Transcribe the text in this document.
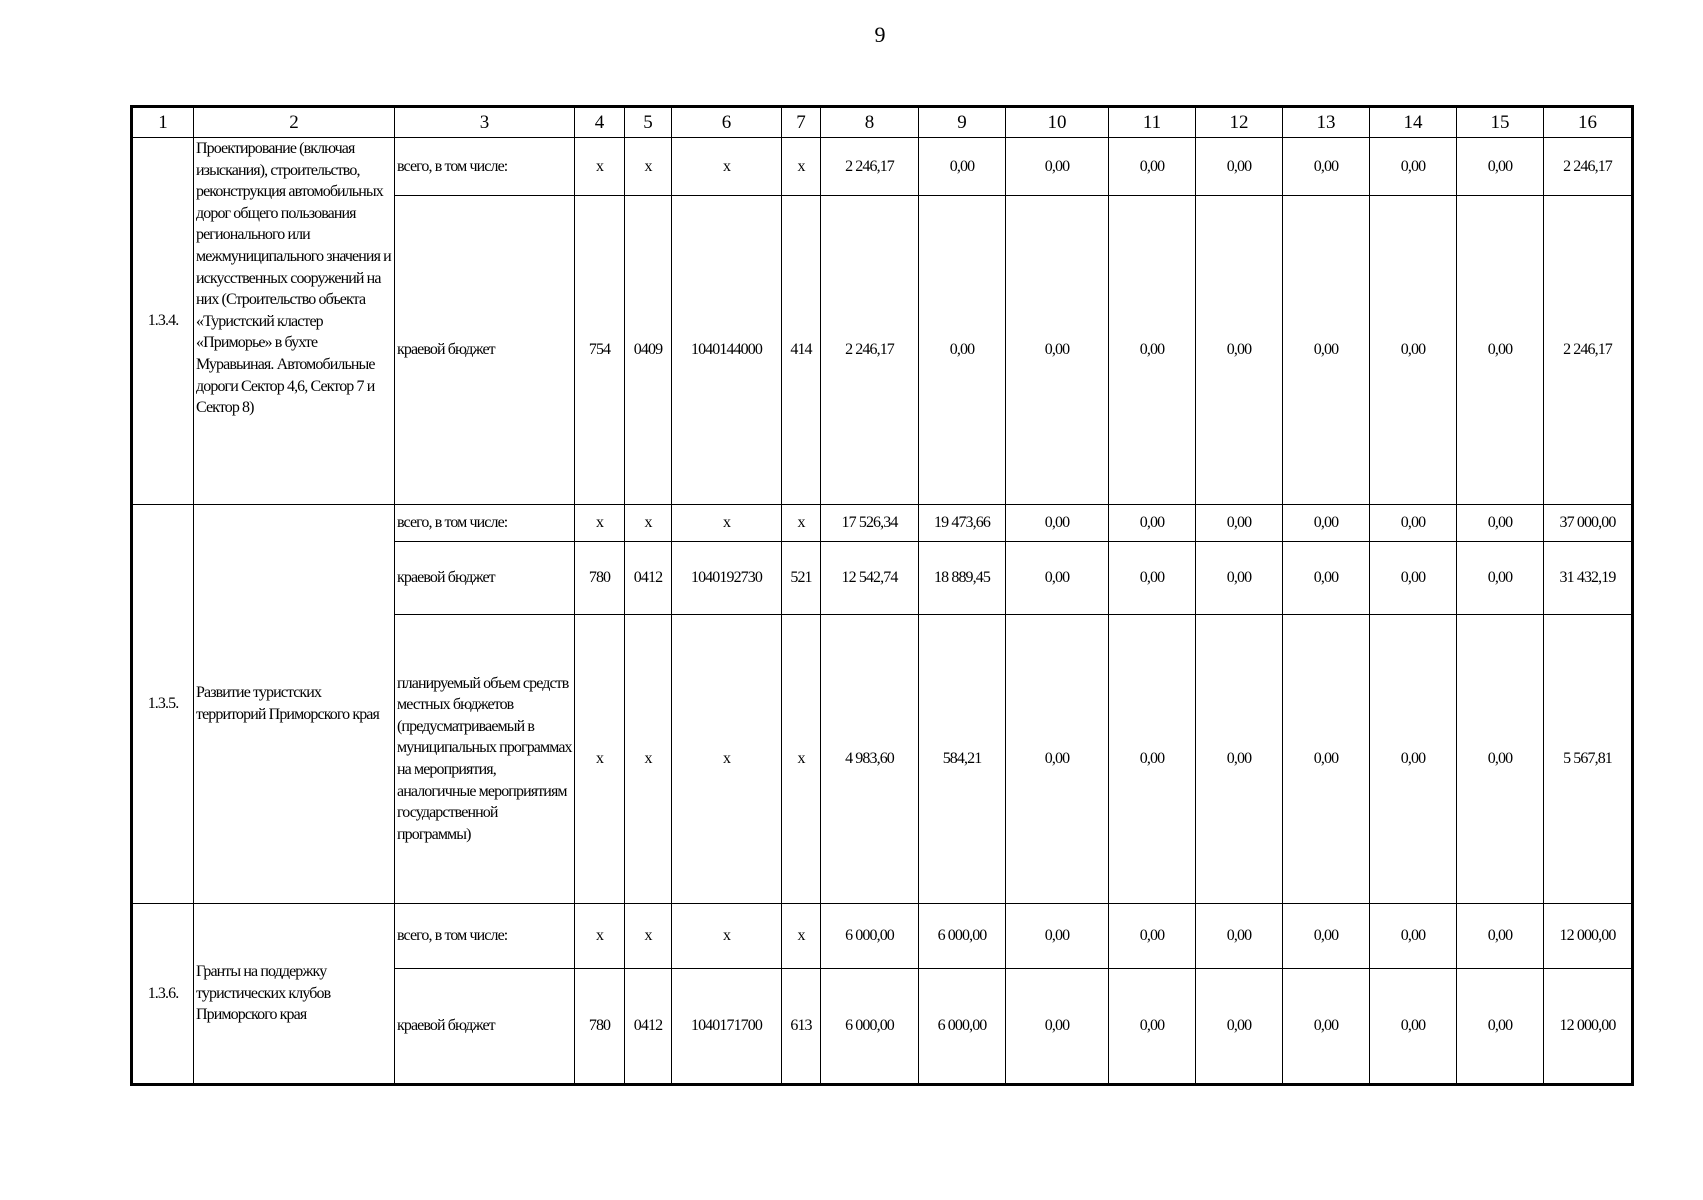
9
1	2	3	4	5	6	7	8	9	10	11	12	13	14	15	16
1.3.4.	Проектирование (включая изыскания), строительство, реконструкция автомобильных дорог общего пользования регионального или межмуниципального значения и искусственных сооружений на них (Строительство объекта «Туристский кластер «Приморье» в бухте Муравьиная. Автомобильные дороги Сектор 4,6, Сектор 7 и Сектор 8)	всего, в том числе:	х	х	х	х	2 246,17	0,00	0,00	0,00	0,00	0,00	0,00	0,00	2 246,17
		краевой бюджет	754	0409	1040144000	414	2 246,17	0,00	0,00	0,00	0,00	0,00	0,00	0,00	2 246,17
1.3.5.	Развитие туристских территорий Приморского края	всего, в том числе:	х	х	х	х	17 526,34	19 473,66	0,00	0,00	0,00	0,00	0,00	0,00	37 000,00
		краевой бюджет	780	0412	1040192730	521	12 542,74	18 889,45	0,00	0,00	0,00	0,00	0,00	0,00	31 432,19
		планируемый объем средств местных бюджетов (предусматриваемый в муниципальных программах на мероприятия, аналогичные мероприятиям государственной программы)	х	х	х	х	4 983,60	584,21	0,00	0,00	0,00	0,00	0,00	0,00	5 567,81
1.3.6.	Гранты на поддержку туристических клубов Приморского края	всего, в том числе:	х	х	х	х	6 000,00	6 000,00	0,00	0,00	0,00	0,00	0,00	0,00	12 000,00
		краевой бюджет	780	0412	1040171700	613	6 000,00	6 000,00	0,00	0,00	0,00	0,00	0,00	0,00	12 000,00
